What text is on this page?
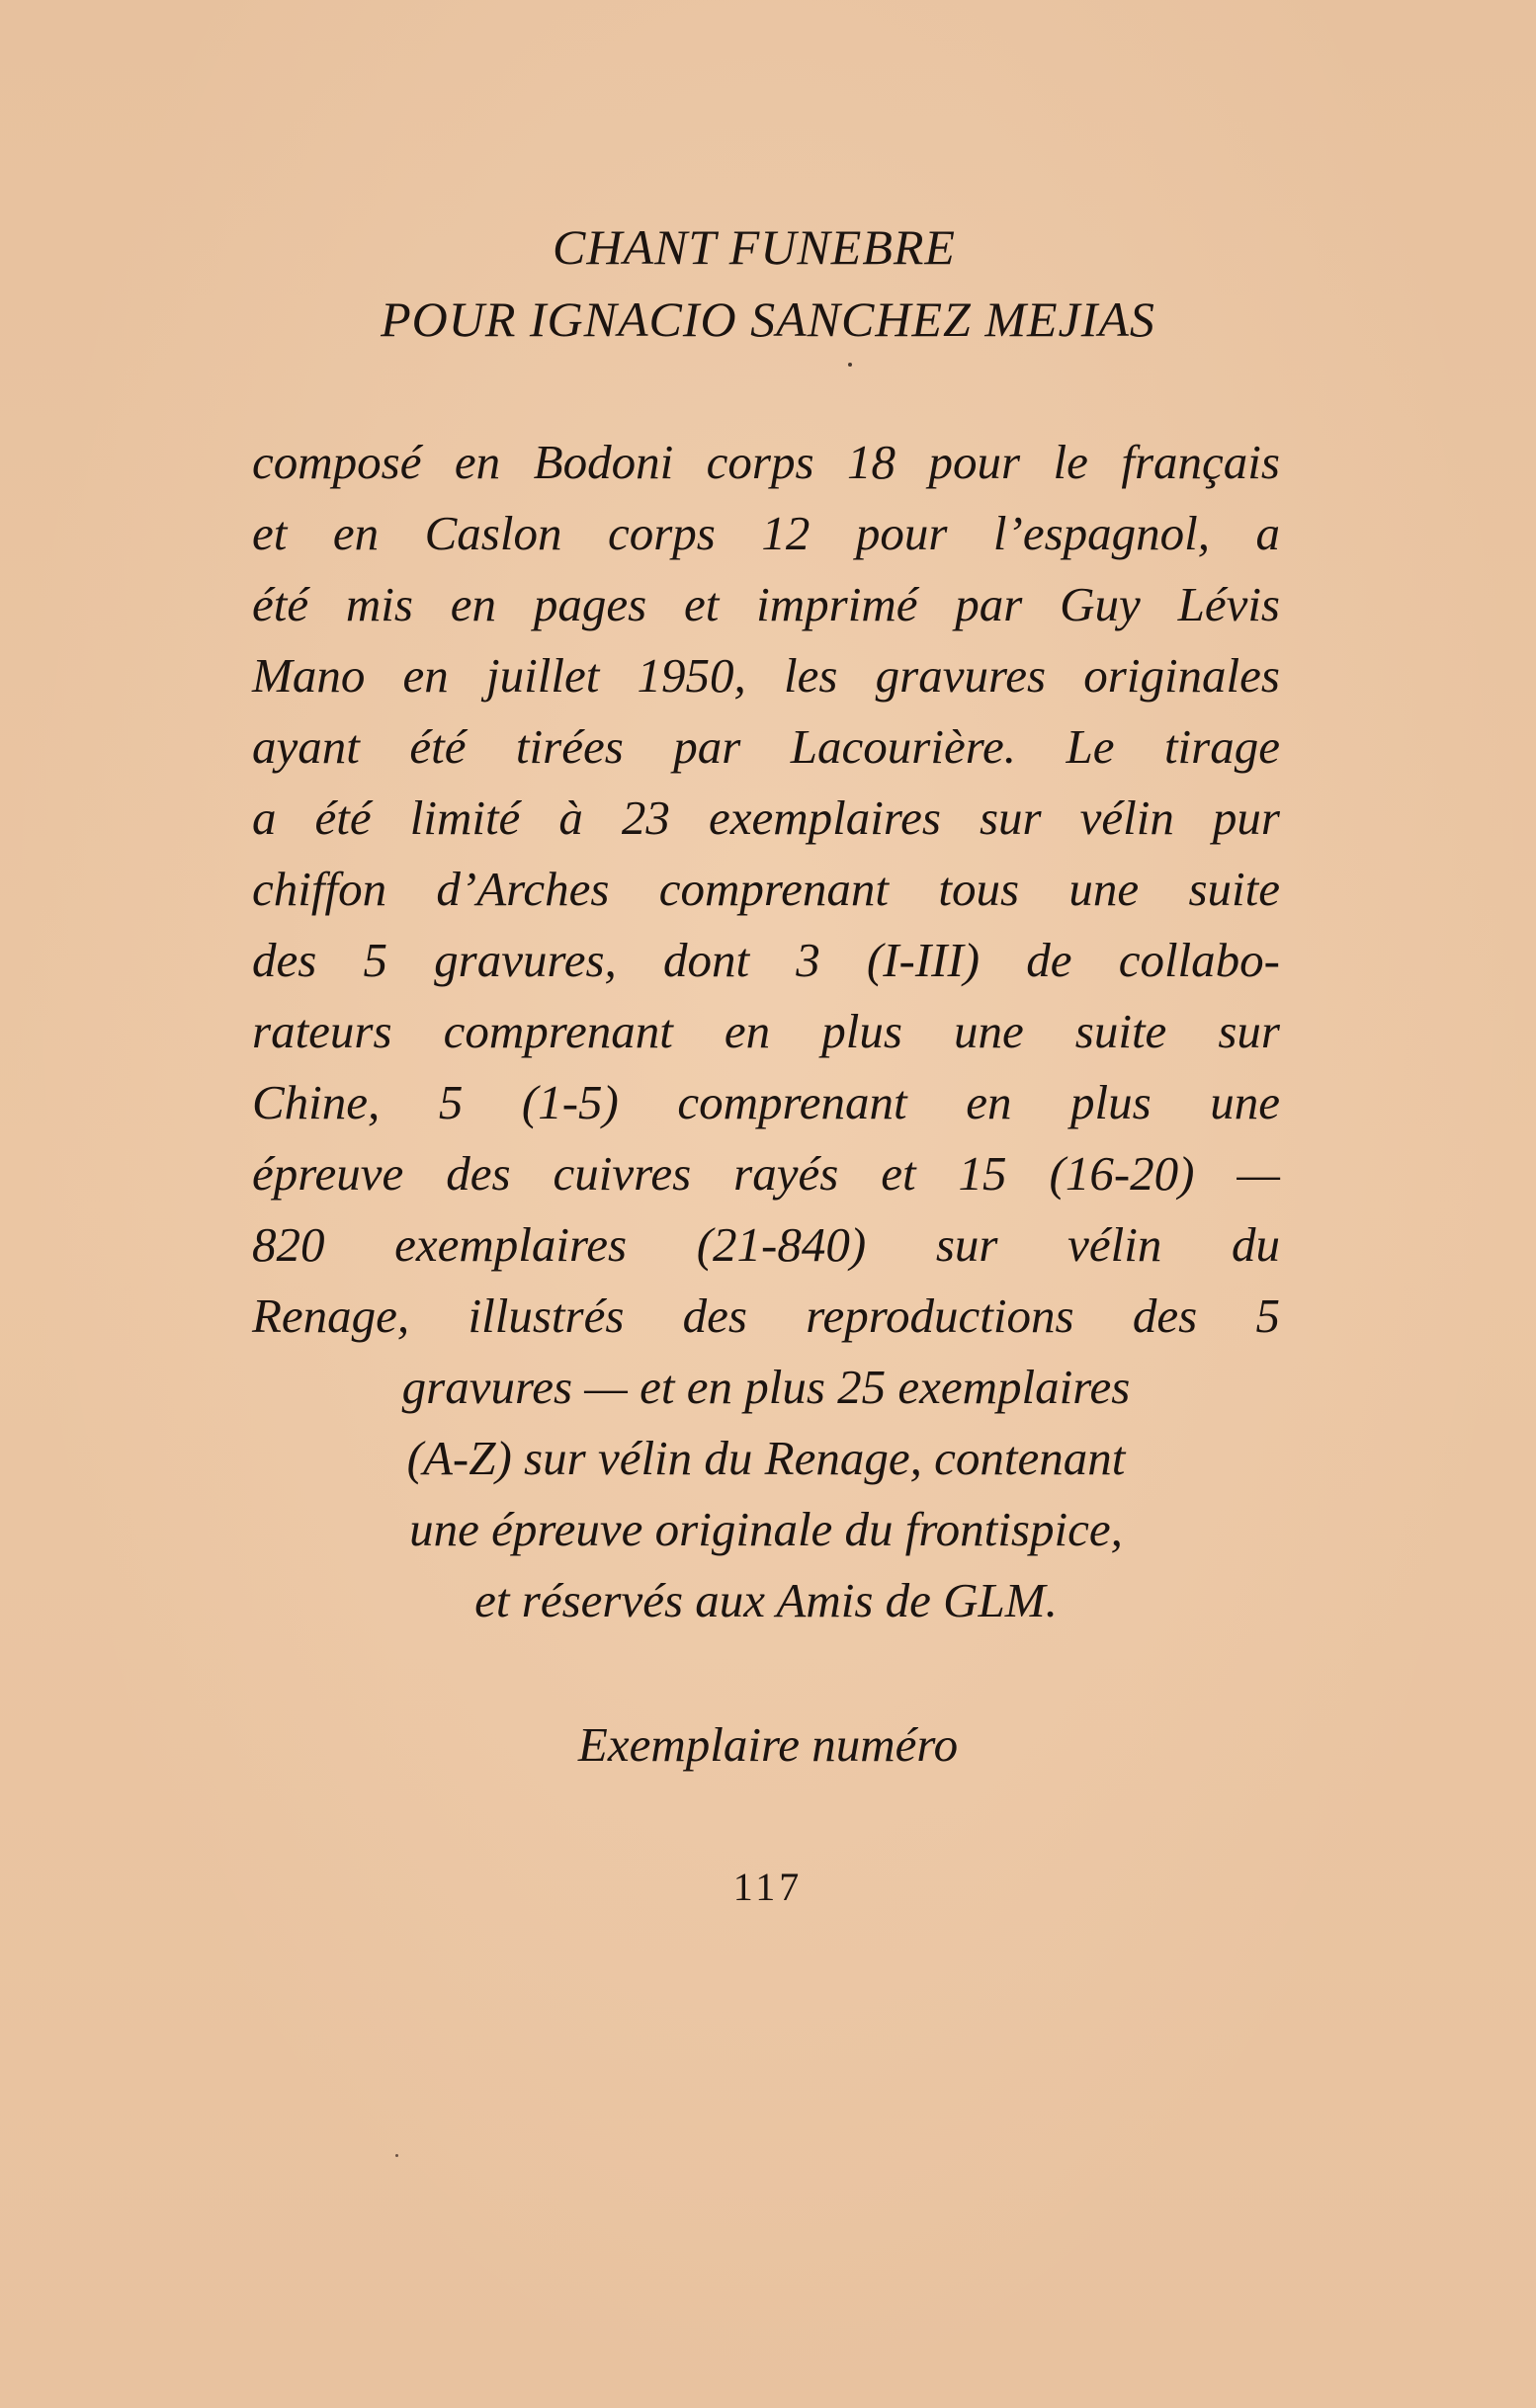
CHANT FUNEBRE
POUR IGNACIO SANCHEZ MEJIAS
composé en Bodoni corps 18 pour le français
et en Caslon corps 12 pour l’espagnol, a
été mis en pages et imprimé par Guy Lévis
Mano en juillet 1950, les gravures originales
ayant été tirées par Lacourière. Le tirage
a été limité à 23 exemplaires sur vélin pur
chiffon d’Arches comprenant tous une suite
des 5 gravures, dont 3 (I-III) de collabo-
rateurs comprenant en plus une suite sur
Chine, 5 (1-5) comprenant en plus une
épreuve des cuivres rayés et 15 (16-20) —
820 exemplaires (21-840) sur vélin du
Renage, illustrés des reproductions des 5
gravures — et en plus 25 exemplaires
(A-Z) sur vélin du Renage, contenant
une épreuve originale du frontispice,
et réservés aux Amis de GLM.
Exemplaire numéro
117
